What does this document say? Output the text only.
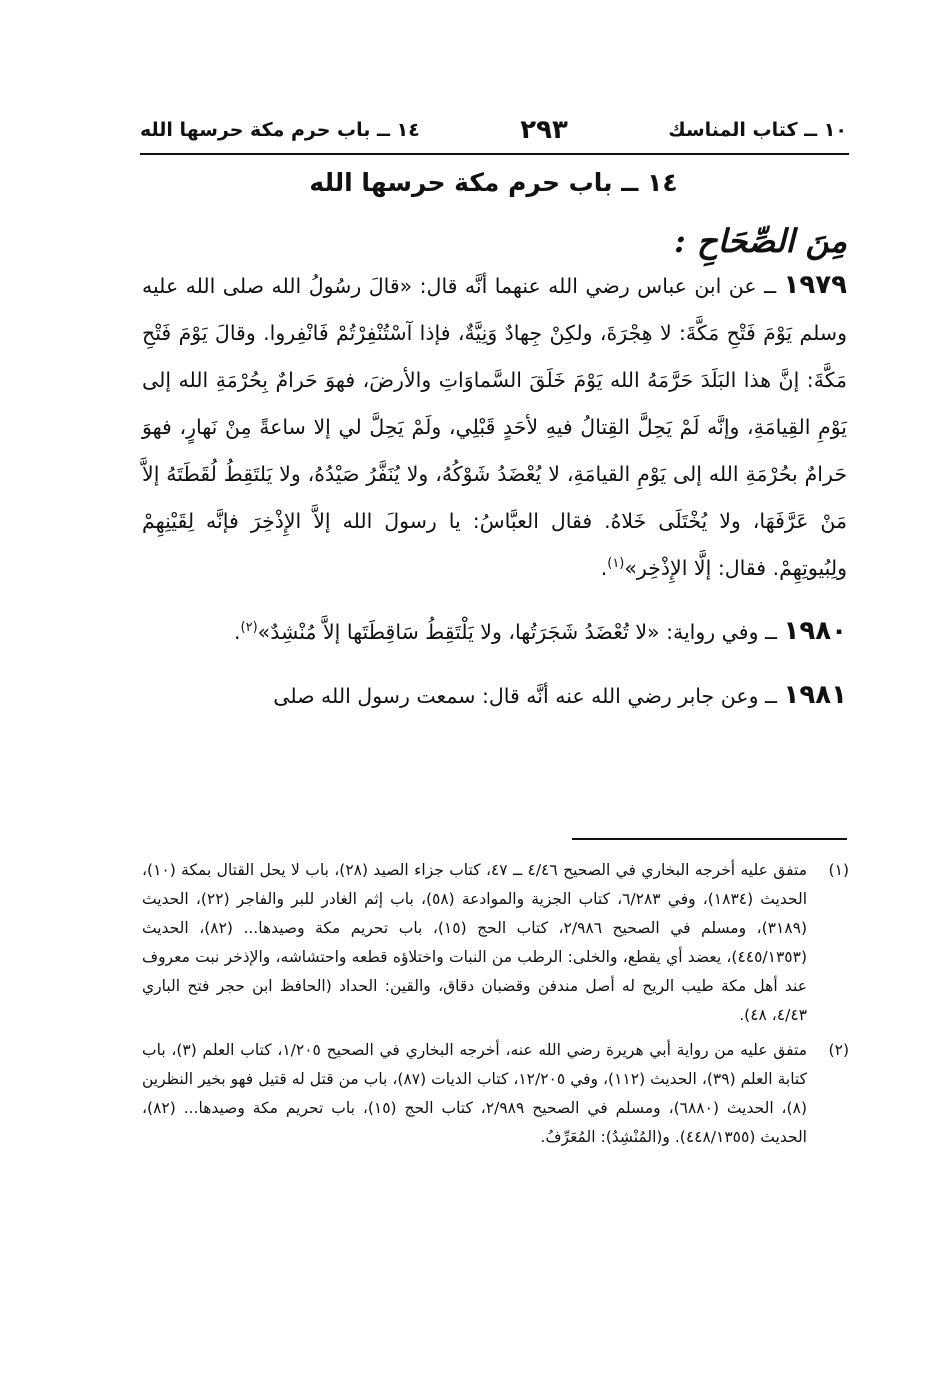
١٠ ــ كتاب المناسك
٢٩٣
١٤ ــ باب حرم مكة حرسها الله
١٤ ــ باب حرم مكة حرسها الله
مِنَ الصِّحَاحِ :

١٩٧٩ ــ عن ابن عباس رضي الله عنهما أنَّه قال: «قالَ رسُولُ الله صلى الله عليه وسلم يَوْمَ فَتْحِ مَكَّةَ: لا هِجْرَةَ، ولكِنْ جِهادٌ وَنِيَّةٌ، فإذا آسْتُنْفِرْتُمْ فَانْفِروا. وقالَ يَوْمَ فَتْحِ مَكَّةَ: إنَّ هذا البَلَدَ حَرَّمَهُ الله يَوْمَ خَلَقَ السَّماوَاتِ والأرضَ، فهوَ حَرامٌ بِحُرْمَةِ الله إلى يَوْمِ القِيامَةِ، وإنَّه لَمْ يَحِلَّ القِتالُ فيهِ لأحَدٍ قَبْلِي، ولَمْ يَحِلَّ لي إلا ساعةً مِنْ نَهارٍ، فهوَ حَرامٌ بحُرْمَةِ الله إلى يَوْمِ القيامَةِ، لا يُعْضَدُ شَوْكُهُ، ولا يُنَفَّرُ صَيْدُهُ، ولا يَلتَقِطُ لُقَطَتَهُ إلاَّ مَنْ عَرَّفَهَا، ولا يُخْتَلَى خَلاهُ. فقال العبَّاسُ: يا رسولَ الله إلاَّ الإِذْخِرَ فإنَّه لِقَيْنِهِمْ ولِبُيوتِهِمْ. فقال: إلَّا الإِذْخِر»$^{(١)}$.

١٩٨٠ ــ وفي رواية: «لا تُعْضَدُ شَجَرَتُها، ولا يَلْتَقِطُ سَاقِطَتَها إلاَّ مُنْشِدٌ»$^{(٢)}$.

١٩٨١ ــ وعن جابر رضي الله عنه أنَّه قال: سمعت رسول الله صلى

(١)
متفق عليه أخرجه البخاري في الصحيح ٤/٤٦ ــ ٤٧، كتاب جزاء الصيد (٢٨)، باب لا يحل القتال بمكة (١٠)، الحديث (١٨٣٤)، وفي ٦/٢٨٣، كتاب الجزية والموادعة (٥٨)، باب إثم الغادر للبر والفاجر (٢٢)، الحديث (٣١٨٩)، ومسلم في الصحيح ٢/٩٨٦، كتاب الحج (١٥)، باب تحريم مكة وصيدها... (٨٢)، الحديث (٤٤٥/١٣٥٣)، يعضد أي يقطع، والخلى: الرطب من النبات واختلاؤه قطعه واحتشاشه، والإذخر نبت معروف عند أهل مكة طيب الريح له أصل مندفن وقضبان دقاق، والقين: الحداد (الحافظ ابن حجر فتح الباري ٤/٤٣، ٤٨).
(٢)
متفق عليه من رواية أبي هريرة رضي الله عنه، أخرجه البخاري في الصحيح ١/٢٠٥، كتاب العلم (٣)، باب كتابة العلم (٣٩)، الحديث (١١٢)، وفي ١٢/٢٠٥، كتاب الديات (٨٧)، باب من قتل له قتيل فهو بخير النظرين (٨)، الحديث (٦٨٨٠)، ومسلم في الصحيح ٢/٩٨٩، كتاب الحج (١٥)، باب تحريم مكة وصيدها... (٨٢)، الحديث (٤٤٨/١٣٥٥). و(المُنْشِدُ): المُعَرِّفُ.
